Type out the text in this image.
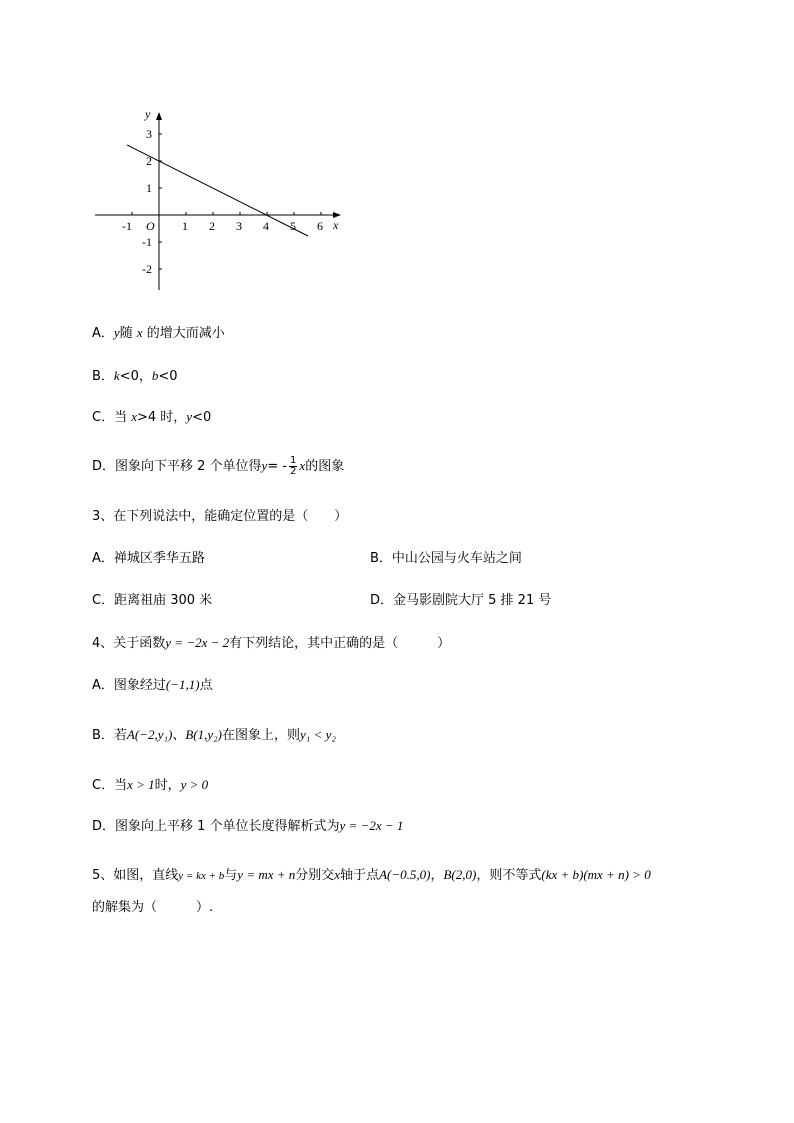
x
y
O
-1	1 2 3 4 5 6
3
2
1
-1
-2
A．y随 x 的增大而减小
B．k<0，b<0
C．当 x>4 时，y<0
D．图象向下平移 2 个单位得$y= - \frac{1}{2}$ x的图象
3、在下列说法中，能确定位置的是（　　）
A．禅城区季华五路	B．中山公园与火车站之间
C．距离祖庙 300 米	D．金马影剧院大厅 5 排 21 号
4、关于函数y = −2x − 2有下列结论，其中正确的是（　　　）
A．图象经过(−1,1)点
B．若A(−2,y₁)、B(1,y₂)在图象上，则y₁ < y₂
C．当x > 1时，y > 0
D．图象向上平移 1 个单位长度得解析式为y = −2x − 1
5、如图，直线y = kx + b与y = mx + n分别交x轴于点A(−0.5,0)，B(2,0)，则不等式(kx + b)(mx + n) > 0
的解集为（　　　）.
